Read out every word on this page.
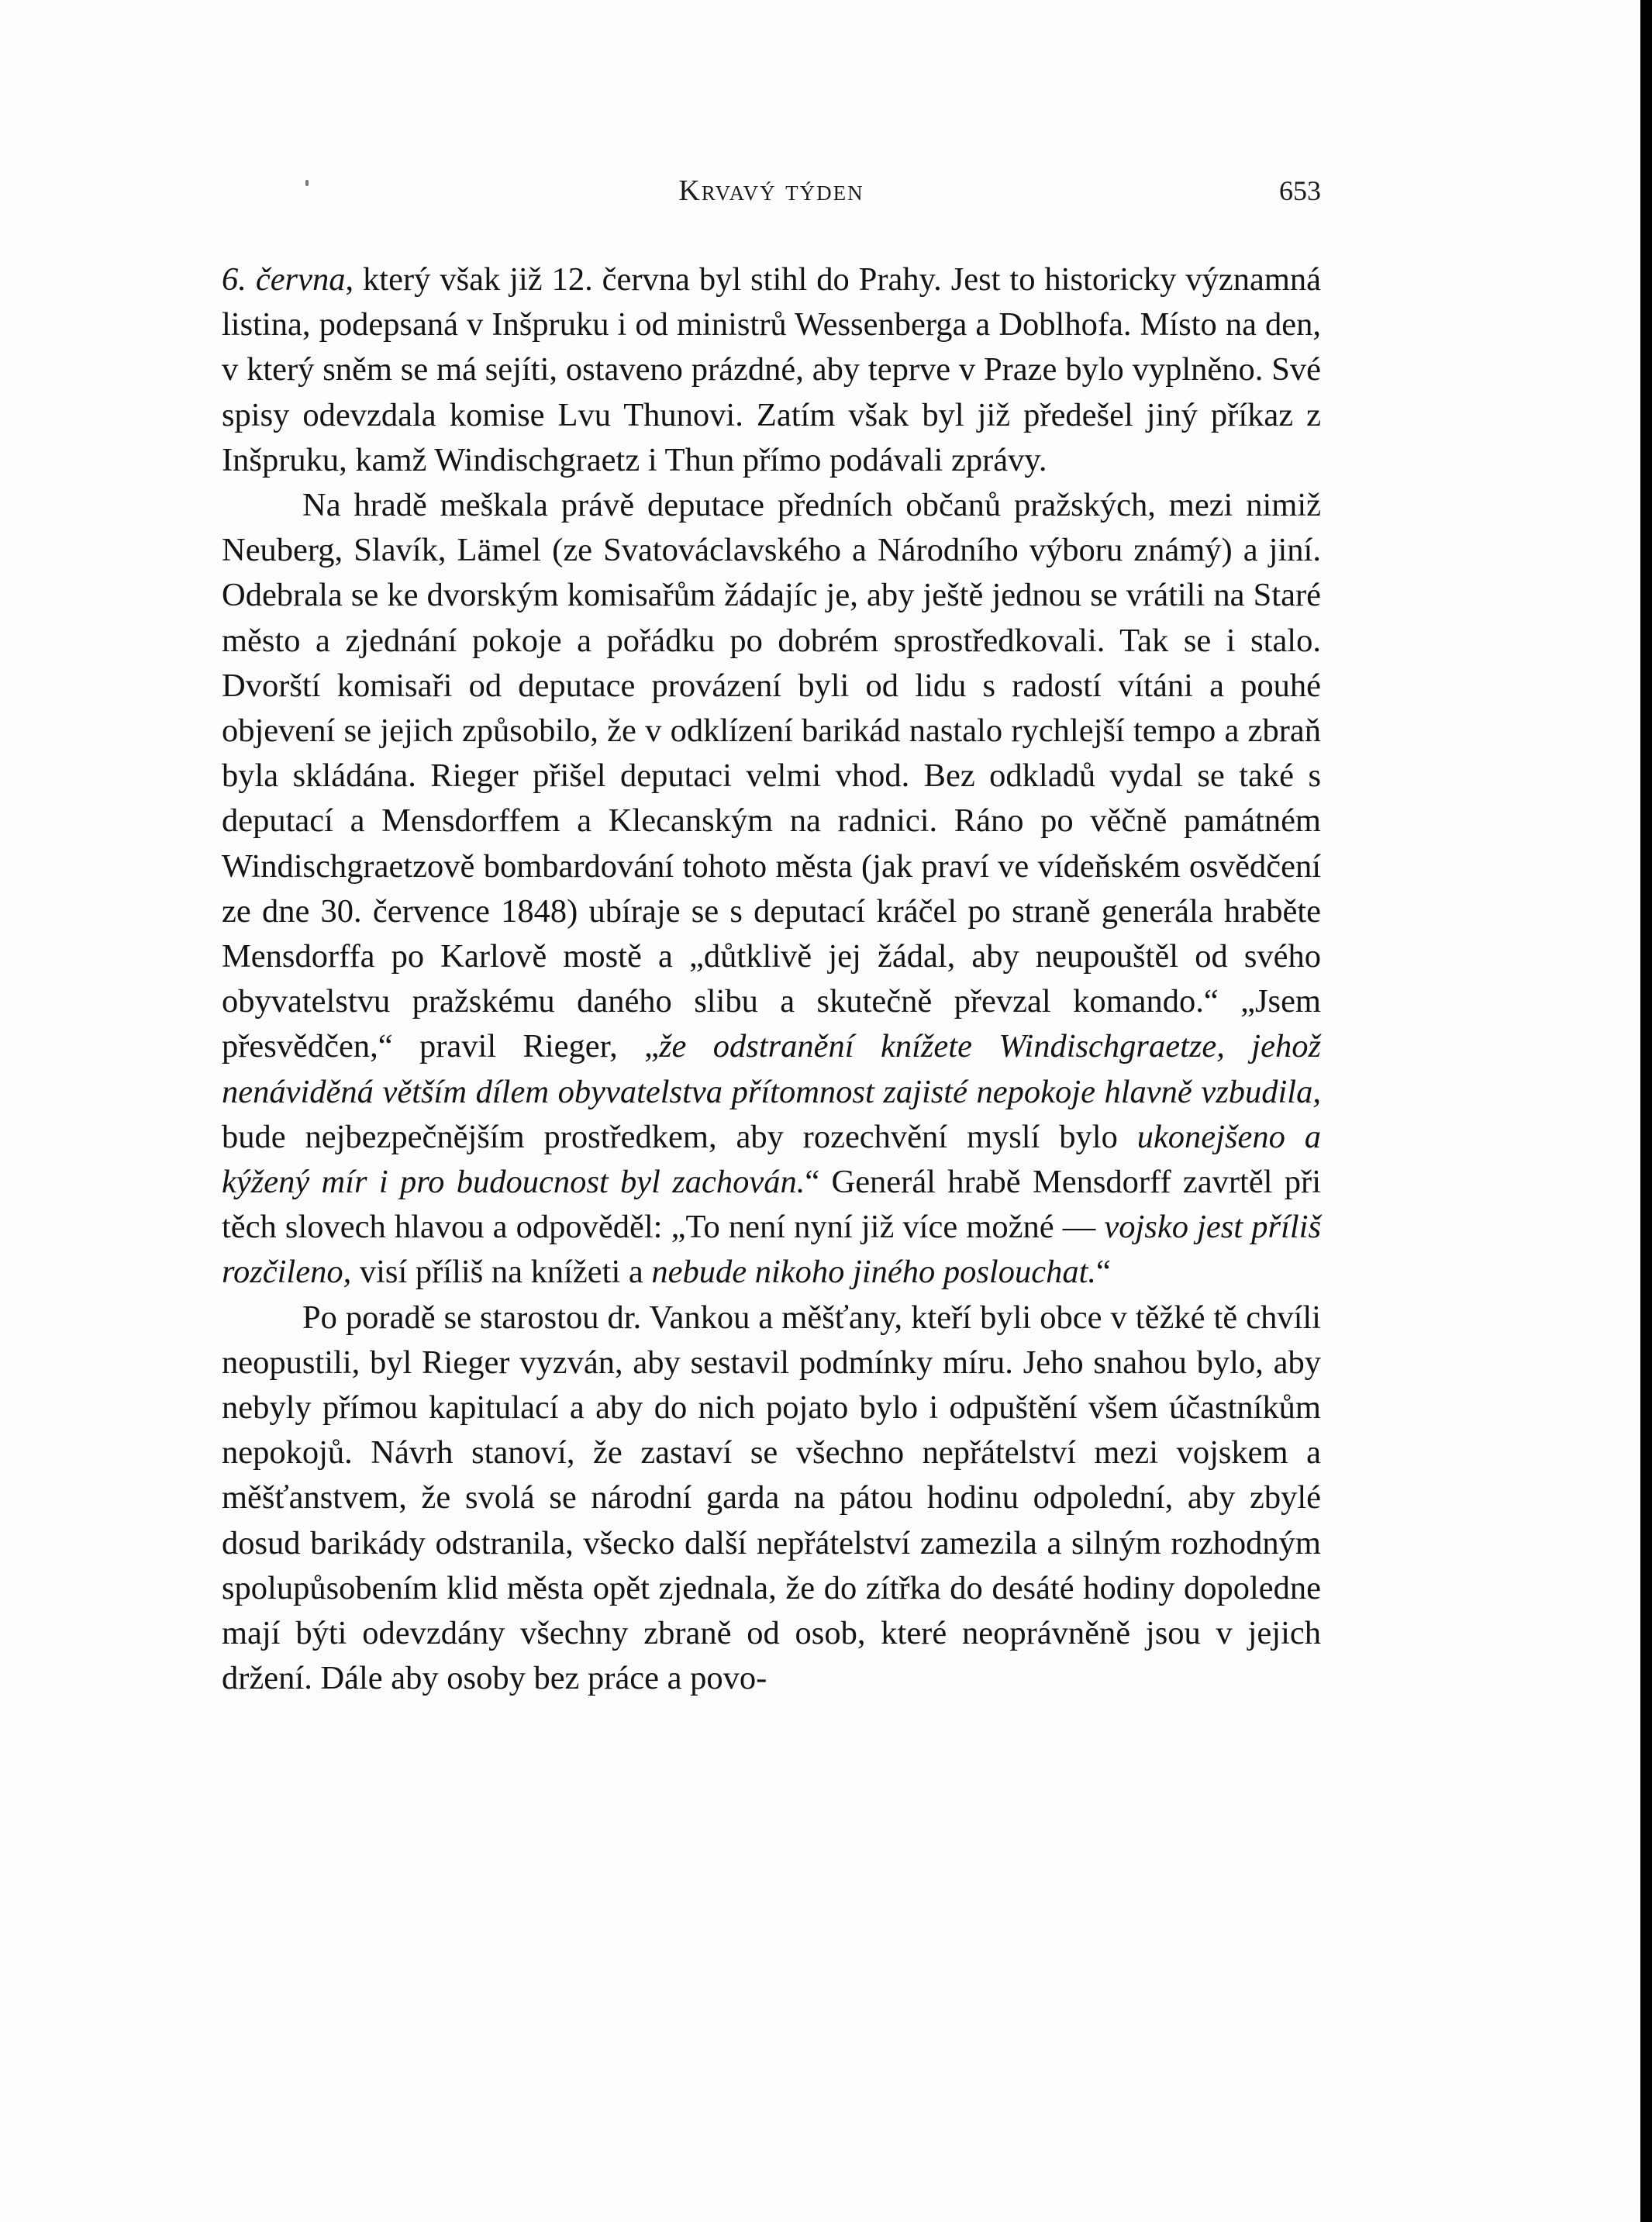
Krvavý týden	653

6. června, který však již 12. června byl stihl do Prahy. Jest to historicky významná listina, podepsaná v Inšpruku i od ministrů Wessenberga a Doblhofa. Místo na den, v který sněm se má sejíti, ostaveno prázdné, aby teprve v Praze bylo vyplněno. Své spisy odevzdala komise Lvu Thunovi. Zatím však byl již předešel jiný příkaz z Inšpruku, kamž Windischgraetz i Thun přímo podávali zprávy.

Na hradě meškala právě deputace předních občanů pražských, mezi nimiž Neuberg, Slavík, Lämel (ze Svatováclavského a Národního výboru známý) a jiní. Odebrala se ke dvorským komisařům žádajíc je, aby ještě jednou se vrátili na Staré město a zjednání pokoje a pořádku po dobrém sprostředkovali. Tak se i stalo. Dvorští komisaři od deputace provázení byli od lidu s radostí vítáni a pouhé objevení se jejich způsobilo, že v odklízení barikád nastalo rychlejší tempo a zbraň byla skládána. Rieger přišel deputaci velmi vhod. Bez odkladů vydal se také s deputací a Mensdorffem a Klecanským na radnici. Ráno po věčně památném Windischgraetzově bombardování tohoto města (jak praví ve vídeňském osvědčení ze dne 30. července 1848) ubíraje se s deputací kráčel po straně generála hraběte Mensdorffa po Karlově mostě a „důtklivě jej žádal, aby neupouštěl od svého obyvatelstvu pražskému daného slibu a skutečně převzal komando.“ „Jsem přesvědčen,“ pravil Rieger, „že odstranění knížete Windischgraetze, jehož nenáviděná větším dílem obyvatelstva přítomnost zajisté nepokoje hlavně vzbudila, bude nejbezpečnějším prostředkem, aby rozechvění myslí bylo ukonejšeno a kýžený mír i pro budoucnost byl zachován.“ Generál hrabě Mensdorff zavrtěl při těch slovech hlavou a odpověděl: „To není nyní již více možné — vojsko jest příliš rozčileno, visí příliš na knížeti a nebude nikoho jiného poslouchat.“

Po poradě se starostou dr. Vankou a měšťany, kteří byli obce v těžké tě chvíli neopustili, byl Rieger vyzván, aby sestavil podmínky míru. Jeho snahou bylo, aby nebyly přímou kapitulací a aby do nich pojato bylo i odpuštění všem účastníkům nepokojů. Návrh stanoví, že zastaví se všechno nepřátelství mezi vojskem a měšťanstvem, že svolá se národní garda na pátou hodinu odpolední, aby zbylé dosud barikády odstranila, všecko další nepřátelství zamezila a silným rozhodným spolupůsobením klid města opět zjednala, že do zítřka do desáté hodiny dopoledne mají býti odevzdány všechny zbraně od osob, které neoprávněně jsou v jejich držení. Dále aby osoby bez práce a povo-
